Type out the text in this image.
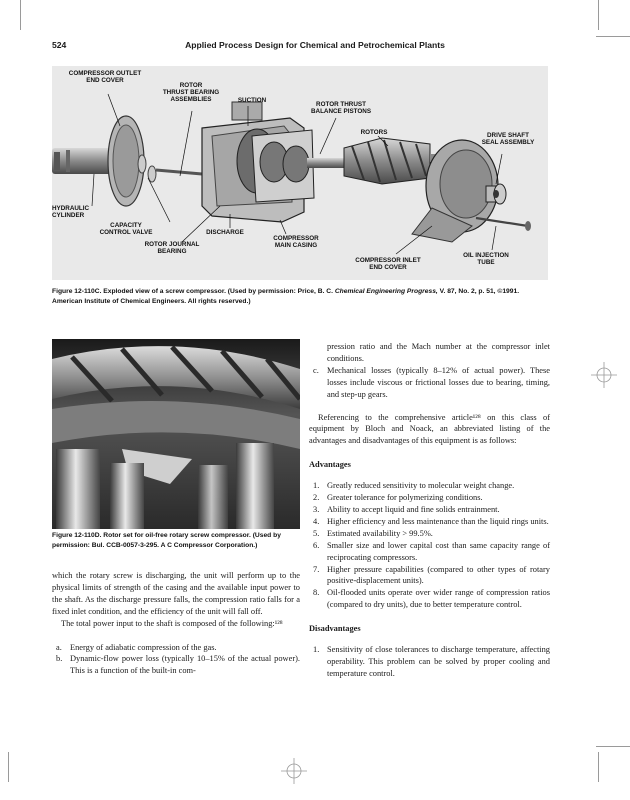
524	Applied Process Design for Chemical and Petrochemical Plants
COMPRESSOR OUTLET
END COVER
ROTOR
THRUST BEARING
ASSEMBLIES	SUCTION
ROTOR THRUST
BALANCE PISTONS
ROTORS	DRIVE SHAFT
SEAL ASSEMBLY
HYDRAULIC
CYLINDER
CAPACITY
CONTROL VALVE	DISCHARGE
ROTOR JOURNAL
BEARING
COMPRESSOR
MAIN CASING
COMPRESSOR INLET
END COVER
OIL INJECTION
TUBE
Figure 12-110C. Exploded view of a screw compressor. (Used by permission: Price, B. C. Chemical Engineering Progress, V. 87, No. 2, p. 51, ©1991. American Institute of Chemical Engineers. All rights reserved.)
Figure 12-110D. Rotor set for oil-free rotary screw compressor. (Used by permission: Bul. CCB-0057-3-295. A C Compressor Corporation.)

which the rotary screw is discharging, the unit will perform up to the physical limits of strength of the casing and the available input power to the shaft. As the discharge pressure falls, the compression ratio falls for a fixed inlet condition, and the efficiency of the unit will fall off.

The total power input to the shaft is composed of the following:¹²⁸

a. Energy of adiabatic compression of the gas.
b. Dynamic-flow power loss (typically 10–15% of the actual power). This is a function of the built-in com-

pression ratio and the Mach number at the compressor inlet conditions.

c. Mechanical losses (typically 8–12% of actual power). These losses include viscous or frictional losses due to bearing, timing, and step-up gears.

Referencing to the comprehensive article¹²⁸ on this class of equipment by Bloch and Noack, an abbreviated listing of the advantages and disadvantages of this equipment is as follows:

Advantages

1. Greatly reduced sensitivity to molecular weight change.
2. Greater tolerance for polymerizing conditions.
3. Ability to accept liquid and fine solids entrainment.
4. Higher efficiency and less maintenance than the liquid rings units.
5. Estimated availability > 99.5%.
6. Smaller size and lower capital cost than same capacity range of reciprocating compressors.
7. Higher pressure capabilities (compared to other types of rotary positive-displacement units).
8. Oil-flooded units operate over wider range of compression ratios (compared to dry units), due to better temperature control.

Disadvantages

1. Sensitivity of close tolerances to discharge temperature, affecting operability. This problem can be solved by proper cooling and temperature control.
